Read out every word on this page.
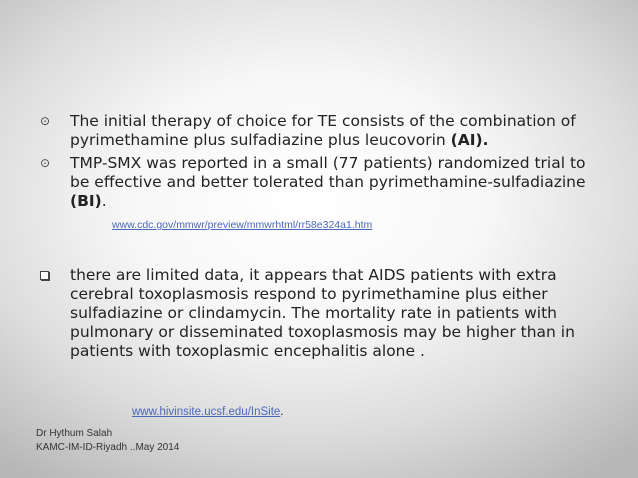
⊙	The initial therapy of choice for TE consists of the combination of pyrimethamine plus sulfadiazine plus leucovorin (AI).
⊙	TMP-SMX was reported in a small (77 patients) randomized trial to be effective and better tolerated than pyrimethamine-sulfadiazine (BI).
www.cdc.gov/mmwr/preview/mmwrhtml/rr58e324a1.htm
there are limited data, it appears that AIDS patients with extra cerebral toxoplasmosis respond to pyrimethamine plus either sulfadiazine or clindamycin. The mortality rate in patients with pulmonary or disseminated toxoplasmosis may be higher than in patients with toxoplasmic encephalitis alone .
www.hivinsite.ucsf.edu/InSite.
Dr Hythum Salah
KAMC-IM-ID-Riyadh ..May 2014
